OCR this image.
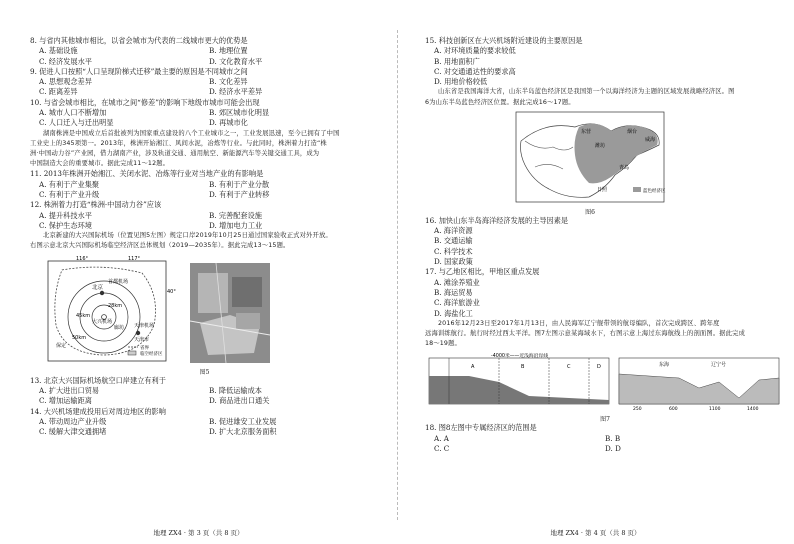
8. 与省内其他城市相比，以省会城市为代表的二线城市更大的优势是

A. 基础设施	B. 地理位置
C. 经济发展水平	D. 文化教育水平

9. 促进人口按照“人口呈现阶梯式迁移”最主要的原因是不同城市之间

A. 思想观念差异	B. 文化差异
C. 距离差异	D. 经济水平差异

10. 与省会城市相比，在城市之间“修差”的影响下地级市城市可能会出现

A. 城市人口不断增加	B. 郊区城市化明显
C. 人口迁入与迁出明显	D. 再城市化

湖南株洲是中国成立后首批被列为国家重点建设的八个工业城市之一，工业发展迅速，至今已拥有了中国

工业史上的345项第一。2013年，株洲开始湘江、风间水泥，冶炼等行业。与此同时，株洲着力打造“株

洲·中国动力谷”产业园，借力湖南产业，涉及轨道交通、通用航空、新能源汽车等关键交通工具，成为

中国制造大会的重要城市。据此完成11～12题。

11. 2013年株洲开始湘江、关闭水泥、冶炼等行业对当地产业的有影响是

A. 有利于产业集聚	B. 有利于产业分散
C. 有利于产业升级	D. 有利于产业转移

12. 株洲着力打造“株洲·中国动力谷”应该

A. 提升科技水平	B. 完善配套设施
C. 保护生态环境	D. 增加电力工业

北京新建的大兴国际机场（位置见图5左图）规定口岸2019年10月25日通过国家验收正式对外开放。

右图示意北京大兴国际机场临空经济区总体规划（2019—2035年）。据此完成13～15题。

116°	117°
40°
北京
首都机场
天津机场
廊坊
保定
天津市
大兴机场
50km
45km
28km
省界
临空经济区
图5

13. 北京大兴国际机场航空口岸建立有利于

A. 扩大进出口贸易	B. 降低运输成本
C. 增加运输距离	D. 商品进出口通关

14. 大兴机场建成投用后对周边地区的影响

A. 带动周边产业升级	B. 促进雄安工业发展
C. 缓解大津交通拥堵	D. 扩大北京服务面积
地理 ZX4 · 第 3 页（共 8 页）

15. 科技创新区在大兴机场附近建设的主要原因是

A. 对环境质量的要求较低
B. 用地面积广
C. 对交通通达性的要求高
D. 用地价格较低

山东省是我国海洋大省，山东半岛蓝色经济区是我国第一个以海洋经济为主题的区域发展战略经济区。图

6为山东半岛蓝色经济区位置。据此完成16～17题。

东营	烟台
威海
青岛
日照
潍坊
蓝色经济区
图6

16. 加快山东半岛海洋经济发展的主导因素是

A. 海洋资源
B. 交通运输
C. 科学技术
D. 国家政策

17. 与乙地区相比，甲地区重点发展

A. 滩涂养殖业
B. 海运贸易
C. 海洋旅游业
D. 海盐化工

2016年12月23日至2017年1月13日，由人民海军辽宁舰带领的航母编队，首次完成跨区、跨年度

远海训练航行。航行时经过西太平洋。图7左图示意某海域水下，右图示意上海过东海航线上的剖面图。据此完成

18～19题。

-4000米——近浅海沿岸线
A	B	C	D	东海	辽宁号
250	600	1100	1400
图7

18. 图8左图中专属经济区的范围是

A. A	B. B
C. C	D. D
地理 ZX4 · 第 4 页（共 8 页）
